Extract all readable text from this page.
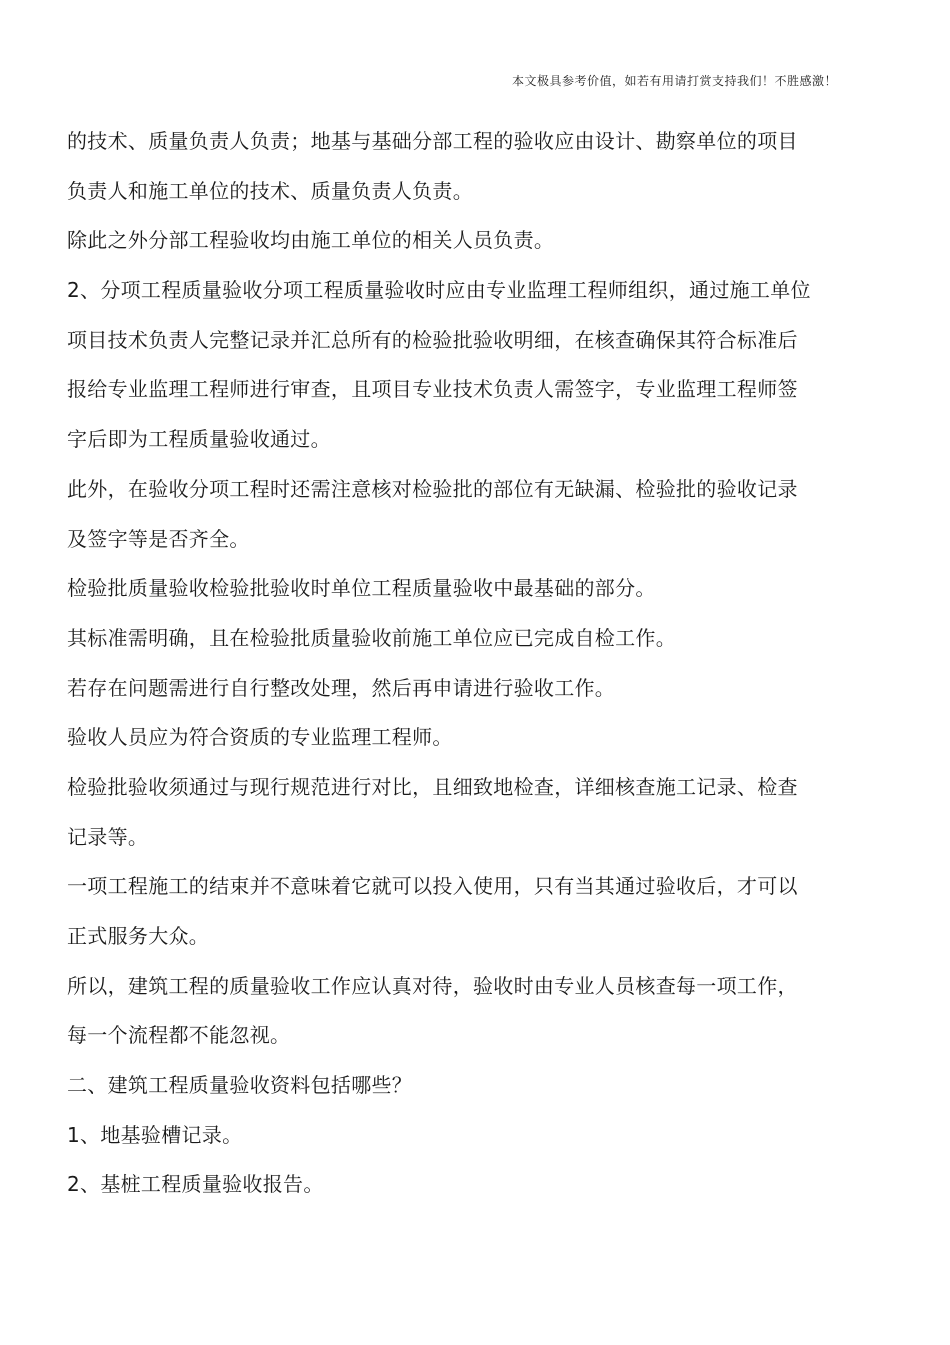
本文极具参考价值，如若有用请打赏支持我们！不胜感激！
的技术、质量负责人负责；地基与基础分部工程的验收应由设计、勘察单位的项目
负责人和施工单位的技术、质量负责人负责。
除此之外分部工程验收均由施工单位的相关人员负责。
2、分项工程质量验收分项工程质量验收时应由专业监理工程师组织，通过施工单位
项目技术负责人完整记录并汇总所有的检验批验收明细，在核查确保其符合标准后
报给专业监理工程师进行审查，且项目专业技术负责人需签字，专业监理工程师签
字后即为工程质量验收通过。
此外，在验收分项工程时还需注意核对检验批的部位有无缺漏、检验批的验收记录
及签字等是否齐全。
检验批质量验收检验批验收时单位工程质量验收中最基础的部分。
其标准需明确，且在检验批质量验收前施工单位应已完成自检工作。
若存在问题需进行自行整改处理，然后再申请进行验收工作。
验收人员应为符合资质的专业监理工程师。
检验批验收须通过与现行规范进行对比，且细致地检查，详细核查施工记录、检查
记录等。
一项工程施工的结束并不意味着它就可以投入使用，只有当其通过验收后，才可以
正式服务大众。
所以，建筑工程的质量验收工作应认真对待，验收时由专业人员核查每一项工作，
每一个流程都不能忽视。
二、建筑工程质量验收资料包括哪些？
1、地基验槽记录。
2、基桩工程质量验收报告。
